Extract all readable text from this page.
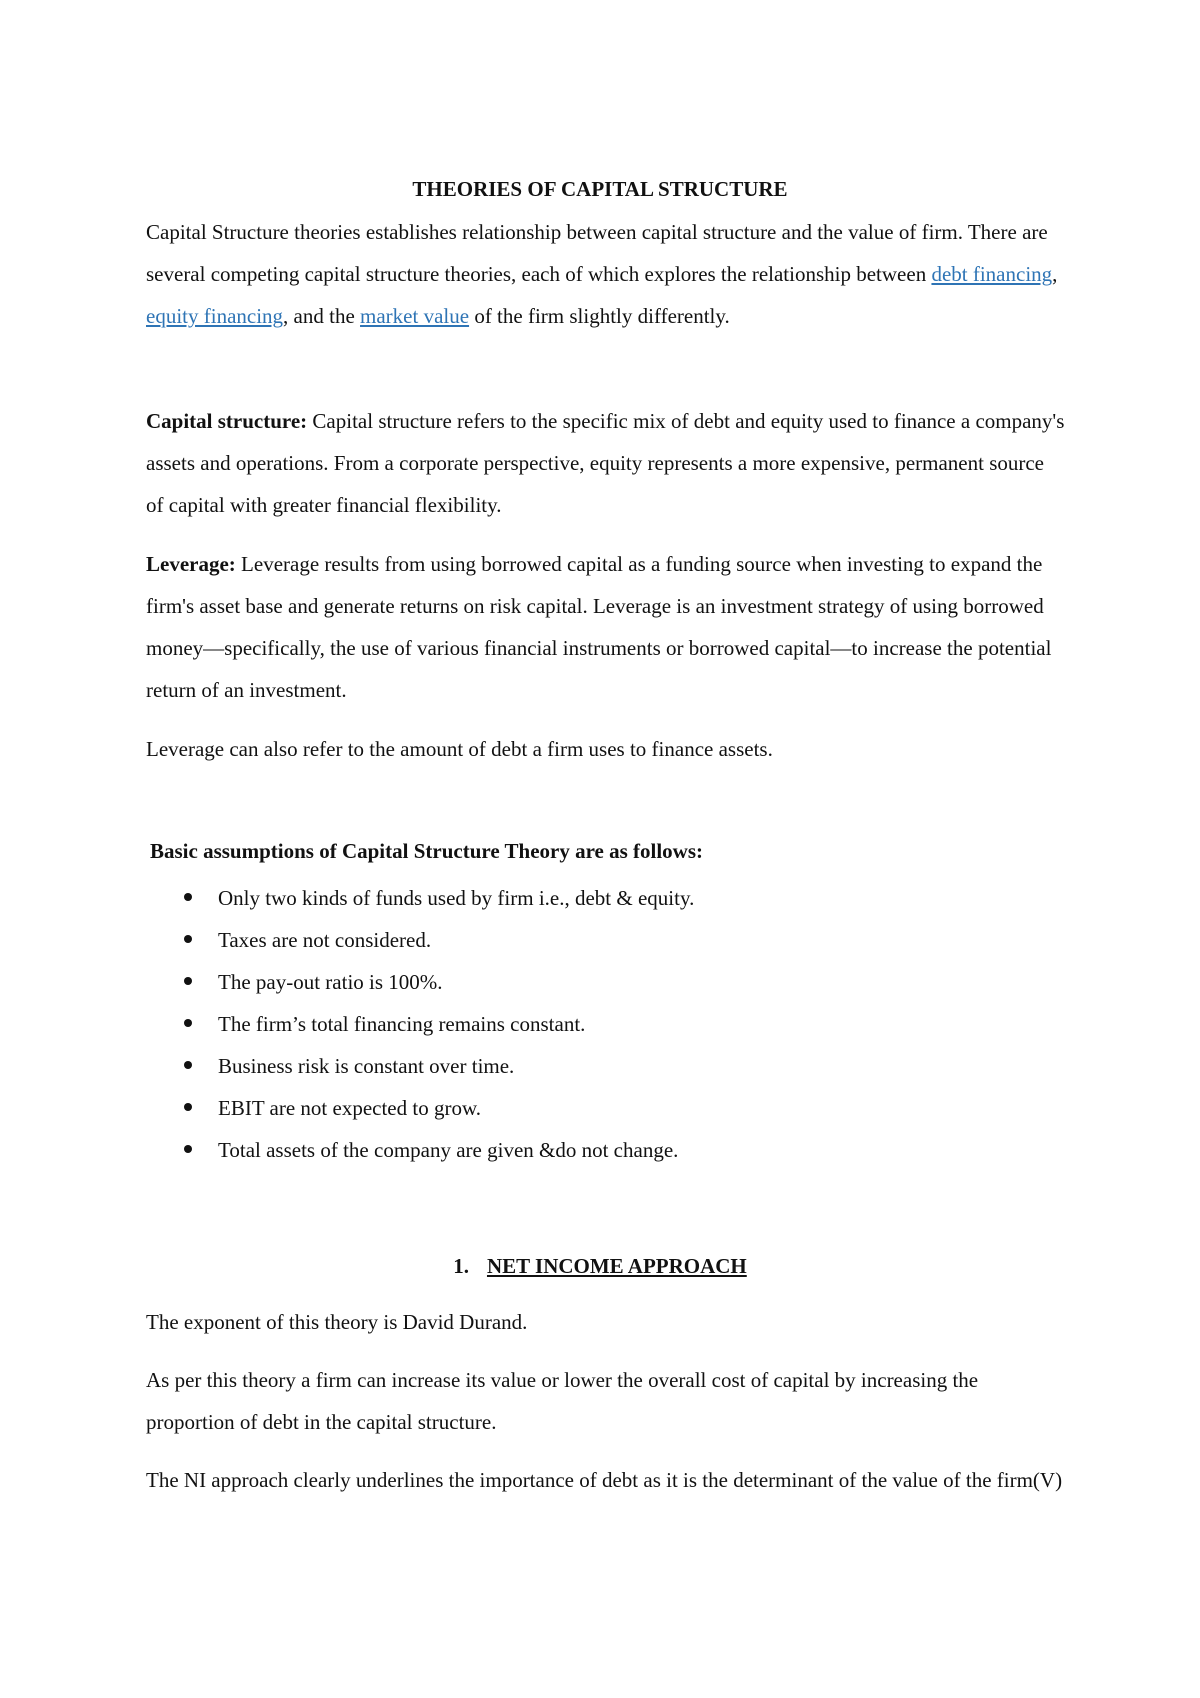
THEORIES OF CAPITAL STRUCTURE

Capital Structure theories establishes relationship between capital structure and the value of firm. There are several competing capital structure theories, each of which explores the relationship between debt financing, equity financing, and the market value of the firm slightly differently.

Capital structure: Capital structure refers to the specific mix of debt and equity used to finance a company's assets and operations. From a corporate perspective, equity represents a more expensive, permanent source of capital with greater financial flexibility.

Leverage: Leverage results from using borrowed capital as a funding source when investing to expand the firm's asset base and generate returns on risk capital. Leverage is an investment strategy of using borrowed money—specifically, the use of various financial instruments or borrowed capital—to increase the potential return of an investment.

Leverage can also refer to the amount of debt a firm uses to finance assets.

Basic assumptions of Capital Structure Theory are as follows:

Only two kinds of funds used by firm i.e., debt & equity.
Taxes are not considered.
The pay-out ratio is 100%.
The firm’s total financing remains constant.
Business risk is constant over time.
EBIT are not expected to grow.
Total assets of the company are given &do not change.
1. NET INCOME APPROACH

The exponent of this theory is David Durand.

As per this theory a firm can increase its value or lower the overall cost of capital by increasing the proportion of debt in the capital structure.

The NI approach clearly underlines the importance of debt as it is the determinant of the value of the firm(V)
